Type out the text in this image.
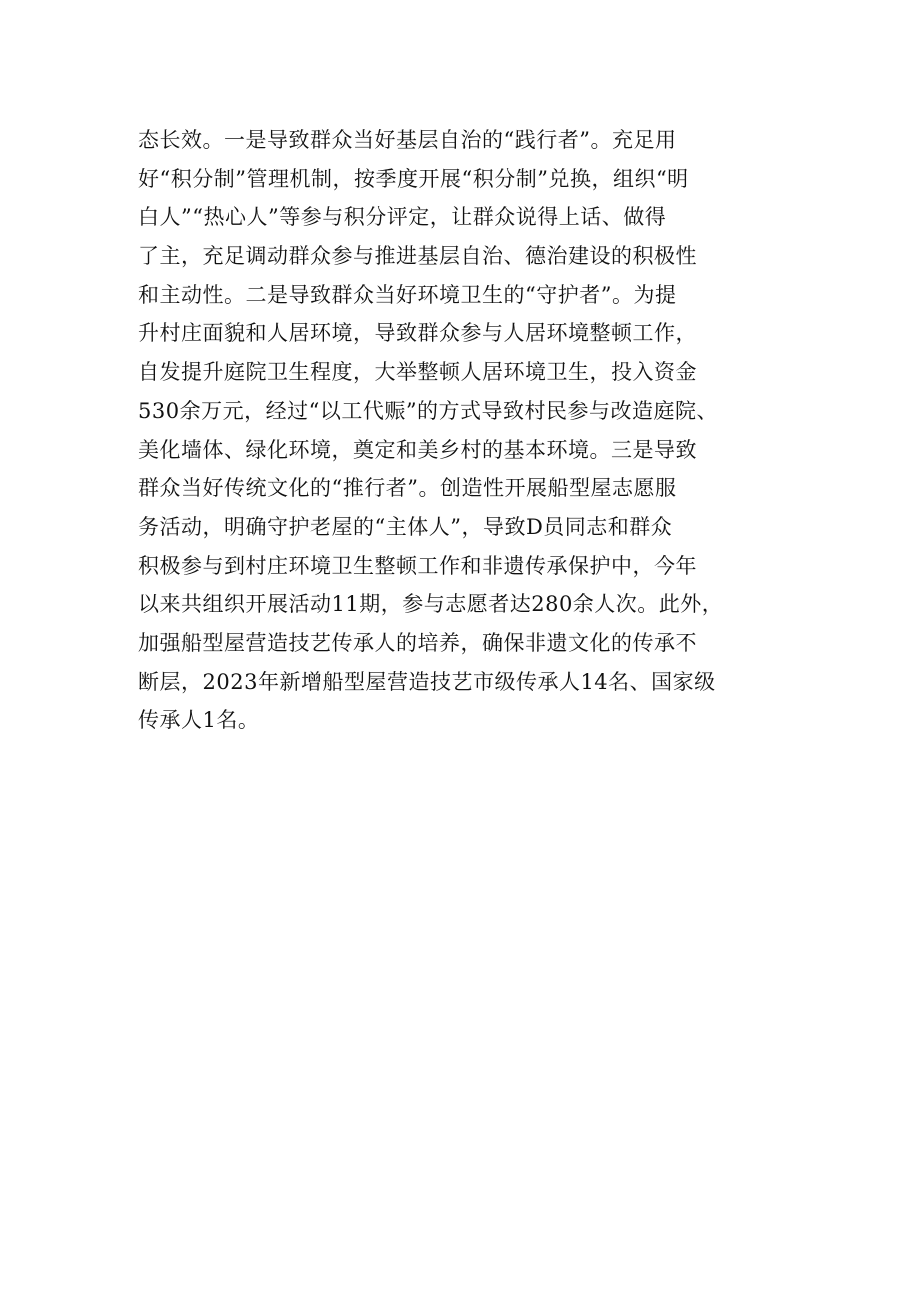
态长效。一是导致群众当好基层自治的“践行者”。充足用
好“积分制”管理机制，按季度开展“积分制”兑换，组织“明
白人”“热心人”等参与积分评定，让群众说得上话、做得
了主，充足调动群众参与推进基层自治、德治建设的积极性
和主动性。二是导致群众当好环境卫生的“守护者”。为提
升村庄面貌和人居环境，导致群众参与人居环境整顿工作，
自发提升庭院卫生程度，大举整顿人居环境卫生，投入资金
530余万元，经过“以工代赈”的方式导致村民参与改造庭院、
美化墙体、绿化环境，奠定和美乡村的基本环境。三是导致
群众当好传统文化的“推行者”。创造性开展船型屋志愿服
务活动，明确守护老屋的“主体人”，导致D员同志和群众
积极参与到村庄环境卫生整顿工作和非遗传承保护中，今年
以来共组织开展活动11期，参与志愿者达280余人次。此外，
加强船型屋营造技艺传承人的培养，确保非遗文化的传承不
断层，2023年新增船型屋营造技艺市级传承人14名、国家级
传承人1名。
